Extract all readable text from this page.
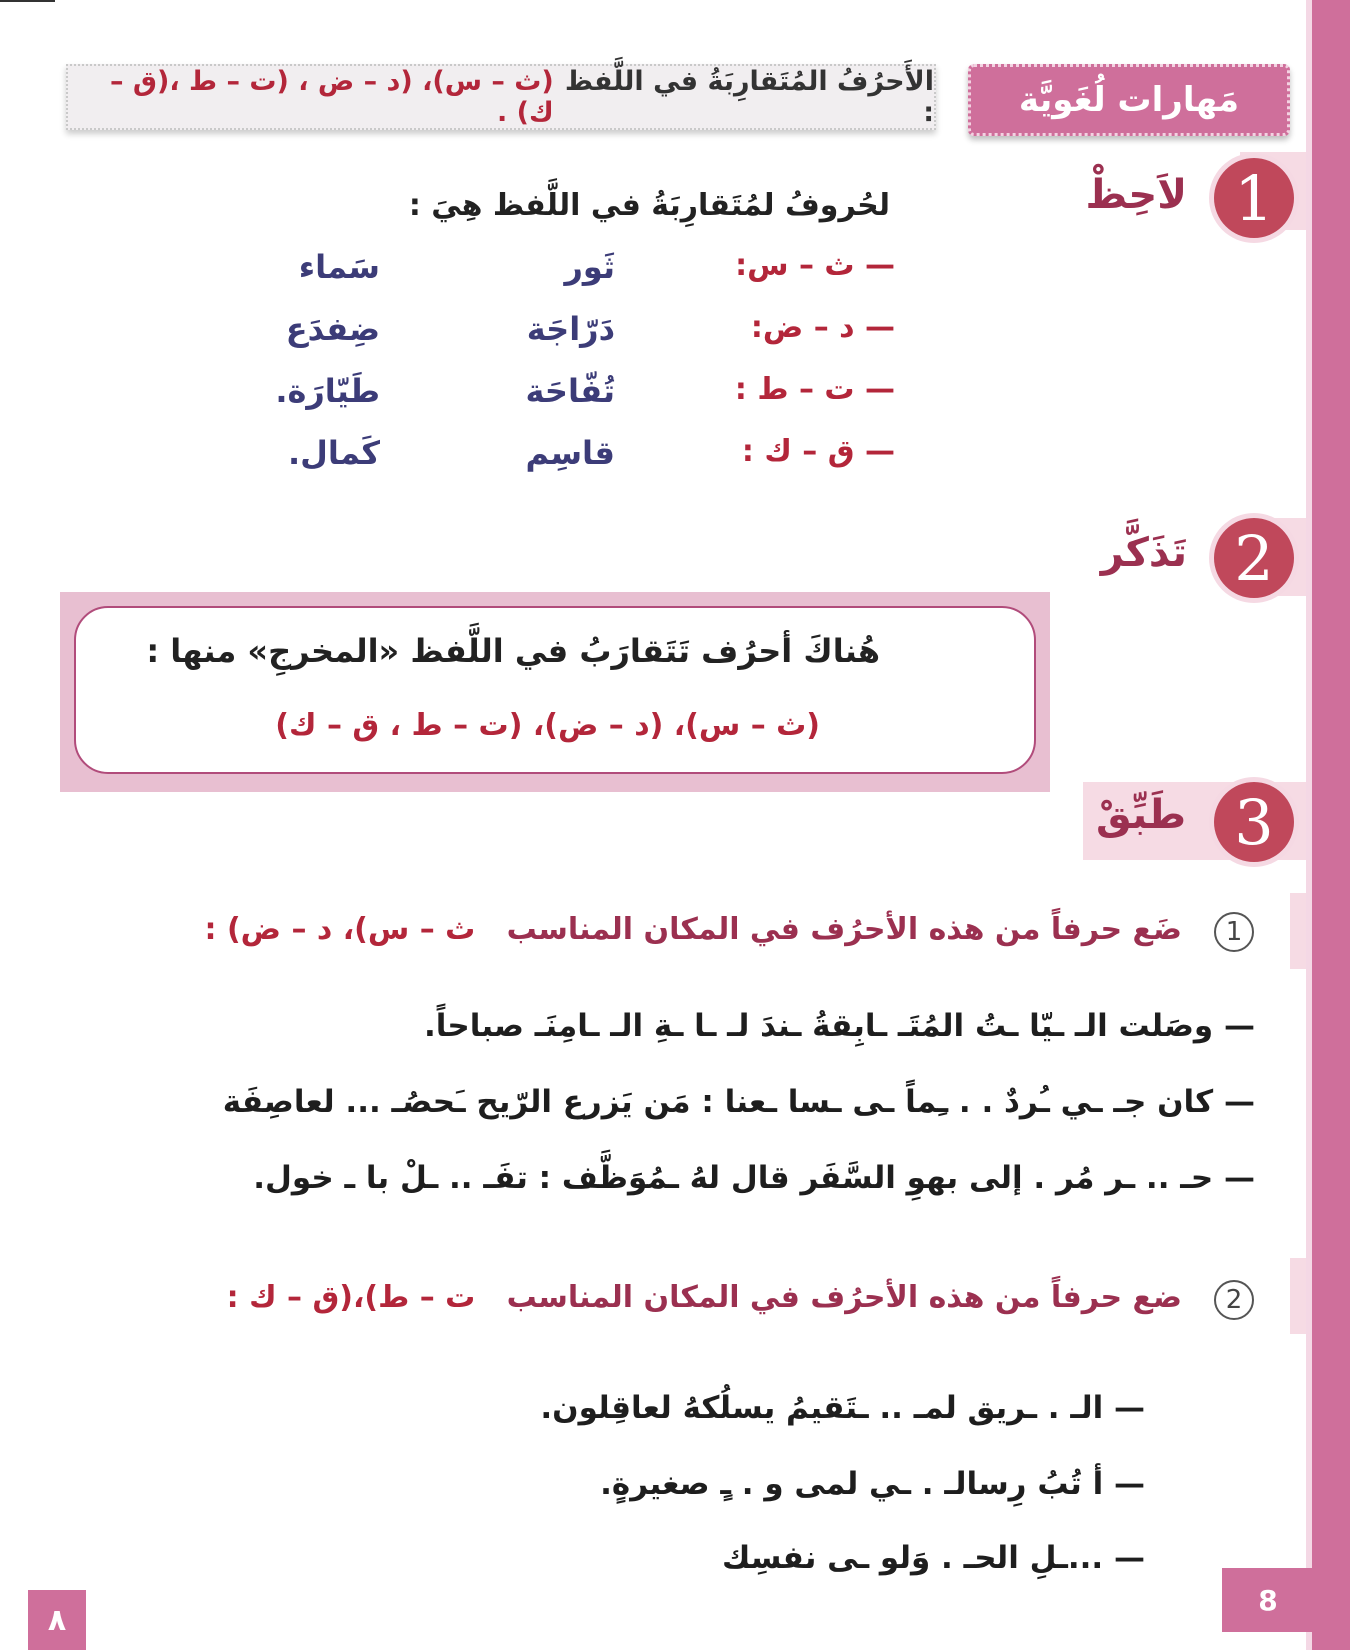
مَهارات لُغَويَّة
الأَحرُفُ المُتَقارِبَةُ في اللَّفظ :

(ث – س)، (د – ض ، (ت – ط ،(ق – ك) .
1
لاَحِظْ
لحُروفُ لمُتَقارِبَةُ في اللَّفظ هِيَ :
— ث – س:
ثَور
سَماء
— د – ض:
دَرّاجَة
ضِفدَع
— ت – ط :
تُفّاحَة
طَيّارَة.
— ق – ك :
قاسِم
كَمال.
2
تَذَكَّر
هُناكَ أحرُف تَتَقارَبُ في اللَّفظ «المخرجِ» منها :
(ث – س)، (د – ض)، (ت – ط ، ق – ك)
3
طَبِّقْ
1
ضَع حرفاً من هذه الأحرُف في المكان المناسب   ث – س)، د – ض) :
— وصَلت الـ ـيّا ـتُ المُتَـ ـابِقةُ ـندَ لـ ـا ـةِ الـ ـامِنَـ صباحاً.
— كان جـ ـي ـُردٌ . . ـِماً ـى ـسا ـعنا : مَن يَزرع الرّيح ـَحصُـ ... لعاصِفَة
— حـ .. ـر مُر . إلى بهوِ السَّفَر قال لهُ ـمُوَظَّف : تفَـ .. ـلْ با ـ خول.
2
ضع حرفاً من هذه الأحرُف في المكان المناسب   ت – ط)،(ق – ك :
— الـ . ـريق لمـ .. ـتَقيمُ يسلُكهُ لعاقِلون.
— أ تُبُ رِسالـ . ـي لمى و . ـٍ صغيرةٍ.
— ...ـلِ الحـ . وَلو ـى نفسِك
٨
8
